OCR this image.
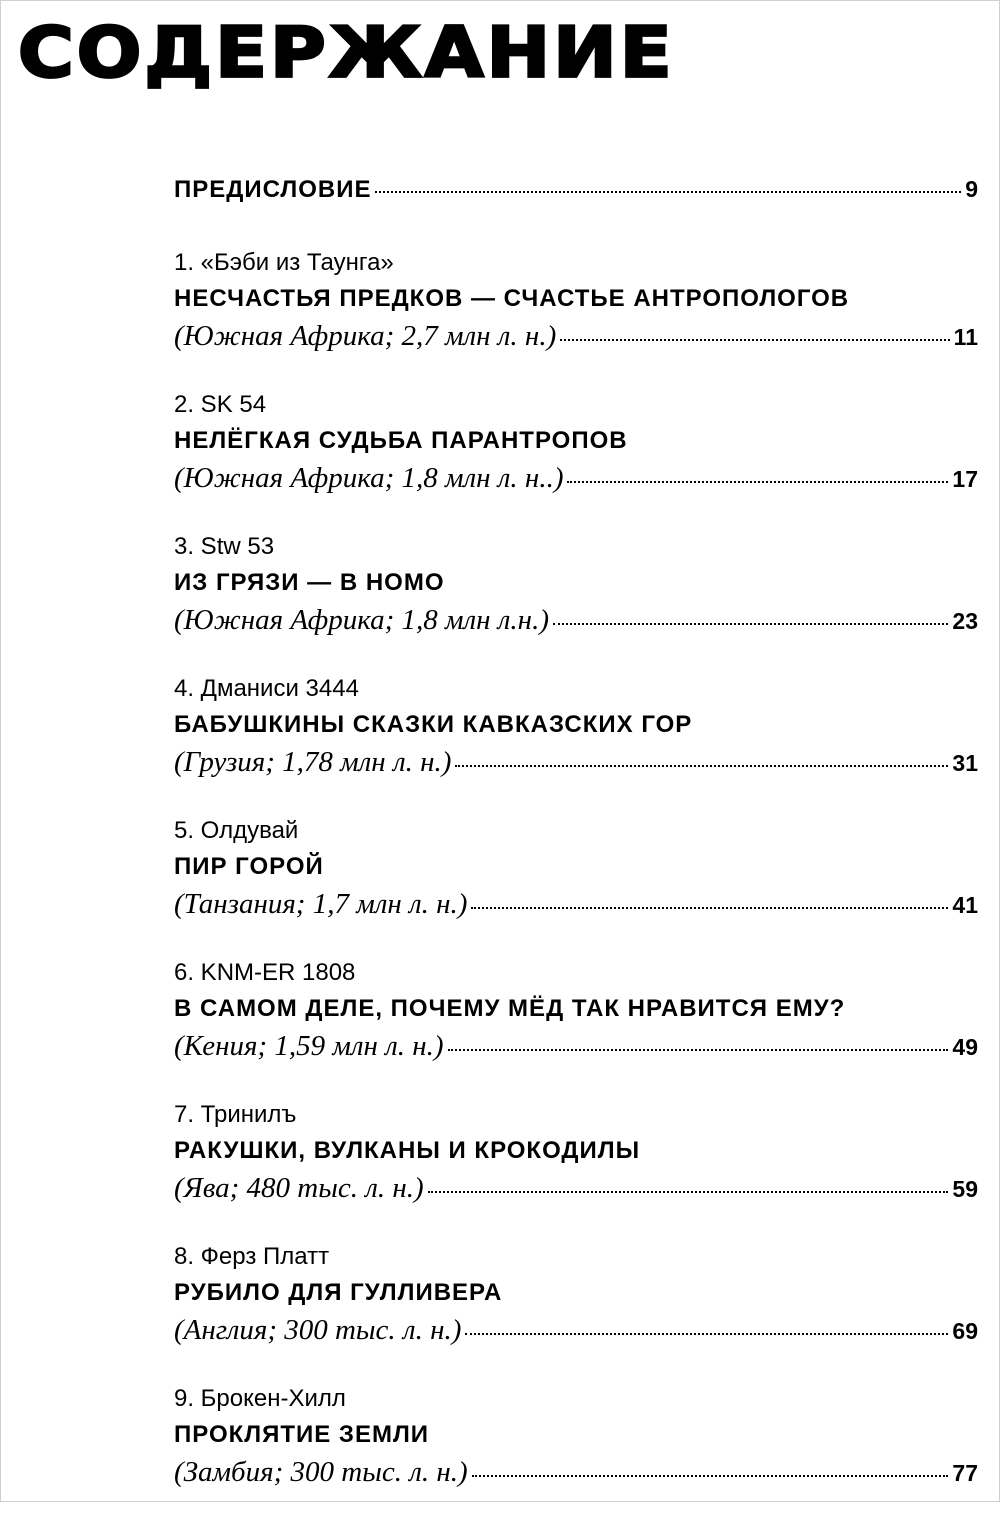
СОДЕРЖАНИЕ
ПРЕДИСЛОВИЕ	9
1. «Бэби из Таунга»
НЕСЧАСТЬЯ ПРЕДКОВ — СЧАСТЬЕ АНТРОПОЛОГОВ
(Южная Африка; 2,7 млн л. н.)	11
2. SK 54
НЕЛЁГКАЯ СУДЬБА ПАРАНТРОПОВ
(Южная Африка; 1,8 млн л. н..)	17
3. Stw 53
ИЗ ГРЯЗИ — В НОМО
(Южная Африка; 1,8 млн л.н.)	23
4. Дманиси 3444
БАБУШКИНЫ СКАЗКИ КАВКАЗСКИХ ГОР
(Грузия; 1,78 млн л. н.)	31
5. Олдувай
ПИР ГОРОЙ
(Танзания; 1,7 млн л. н.)	41
6. KNM-ER 1808
В САМОМ ДЕЛЕ, ПОЧЕМУ МЁД ТАК НРАВИТСЯ ЕМУ?
(Кения; 1,59 млн л. н.)	49
7. Тринилъ
РАКУШКИ, ВУЛКАНЫ И КРОКОДИЛЫ
(Ява; 480 тыс. л. н.)	59
8. Ферз Платт
РУБИЛО ДЛЯ ГУЛЛИВЕРА
(Англия; 300 тыс. л. н.)	69
9. Брокен-Хилл
ПРОКЛЯТИЕ ЗЕМЛИ
(Замбия; 300 тыс. л. н.)	77
